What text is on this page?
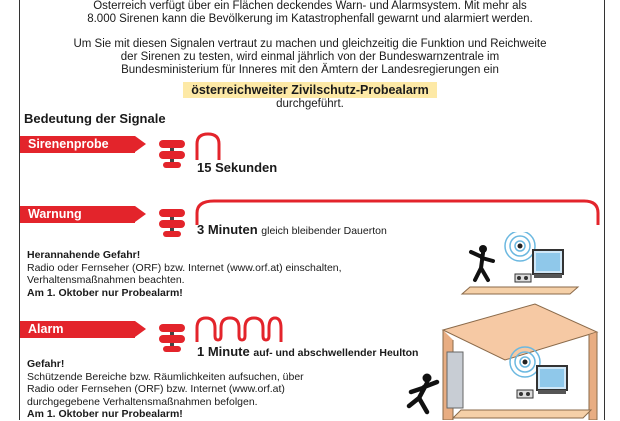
Österreich verfügt über ein Flächen deckendes Warn- und Alarmsystem. Mit mehr als
8.000 Sirenen kann die Bevölkerung im Katastrophenfall gewarnt und alarmiert werden.
Um Sie mit diesen Signalen vertraut zu machen und gleichzeitig die Funktion und Reichweite
der Sirenen zu testen, wird einmal jährlich von der Bundeswarnzentrale im
Bundesministerium für Inneres mit den Ämtern der Landesregierungen ein
österreichweiter Zivilschutz-Probealarm
durchgeführt.
Bedeutung der Signale
Sirenenprobe
15 Sekunden
Warnung
3 Minuten gleich bleibender Dauerton
Herannahende Gefahr!
Radio oder Fernseher (ORF) bzw. Internet (www.orf.at) einschalten,
Verhaltensmaßnahmen beachten.
Am 1. Oktober nur Probealarm!
Alarm
1 Minute auf- und abschwellender Heulton
Gefahr!
Schützende Bereiche bzw. Räumlichkeiten aufsuchen, über
Radio oder Fernsehen (ORF) bzw. Internet (www.orf.at)
durchgegebene Verhaltensmaßnahmen befolgen.
Am 1. Oktober nur Probealarm!
